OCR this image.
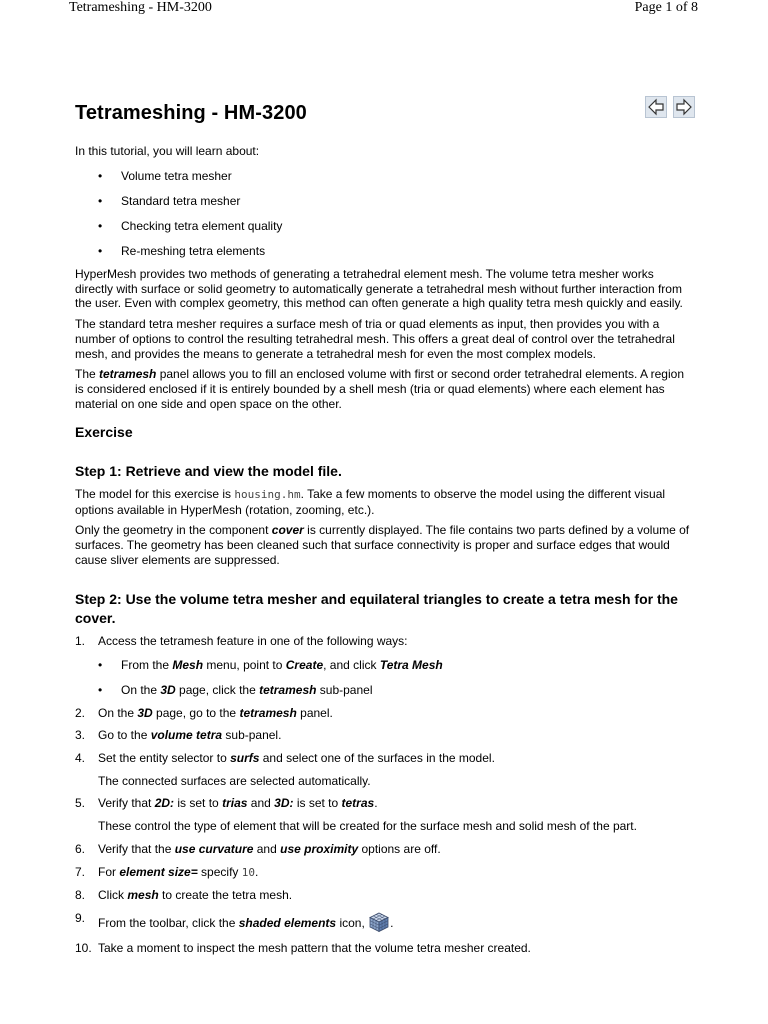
Tetrameshing - HM-3200	Page 1 of 8
Tetrameshing - HM-3200

In this tutorial, you will learn about:

• Volume tetra mesher
• Standard tetra mesher
• Checking tetra element quality
• Re-meshing tetra elements

HyperMesh provides two methods of generating a tetrahedral element mesh. The volume tetra mesher works directly with surface or solid geometry to automatically generate a tetrahedral mesh without further interaction from the user. Even with complex geometry, this method can often generate a high quality tetra mesh quickly and easily.

The standard tetra mesher requires a surface mesh of tria or quad elements as input, then provides you with a number of options to control the resulting tetrahedral mesh. This offers a great deal of control over the tetrahedral mesh, and provides the means to generate a tetrahedral mesh for even the most complex models.

The tetramesh panel allows you to fill an enclosed volume with first or second order tetrahedral elements. A region is considered enclosed if it is entirely bounded by a shell mesh (tria or quad elements) where each element has material on one side and open space on the other.

Exercise
Step 1: Retrieve and view the model file.

The model for this exercise is housing.hm. Take a few moments to observe the model using the different visual options available in HyperMesh (rotation, zooming, etc.).

Only the geometry in the component cover is currently displayed. The file contains two parts defined by a volume of surfaces. The geometry has been cleaned such that surface connectivity is proper and surface edges that would cause sliver elements are suppressed.

Step 2: Use the volume tetra mesher and equilateral triangles to create a tetra mesh for the cover.
1. Access the tetramesh feature in one of the following ways:
• From the Mesh menu, point to Create, and click Tetra Mesh
• On the 3D page, click the tetramesh sub-panel
2. On the 3D page, go to the tetramesh panel.
3. Go to the volume tetra sub-panel.
4. Set the entity selector to surfs and select one of the surfaces in the model.

The connected surfaces are selected automatically.

5. Verify that 2D: is set to trias and 3D: is set to tetras.

These control the type of element that will be created for the surface mesh and solid mesh of the part.

6. Verify that the use curvature and use proximity options are off.
7. For element size= specify 10.
8. Click mesh to create the tetra mesh.
9. From the toolbar, click the shaded elements icon, .
10. Take a moment to inspect the mesh pattern that the volume tetra mesher created.
